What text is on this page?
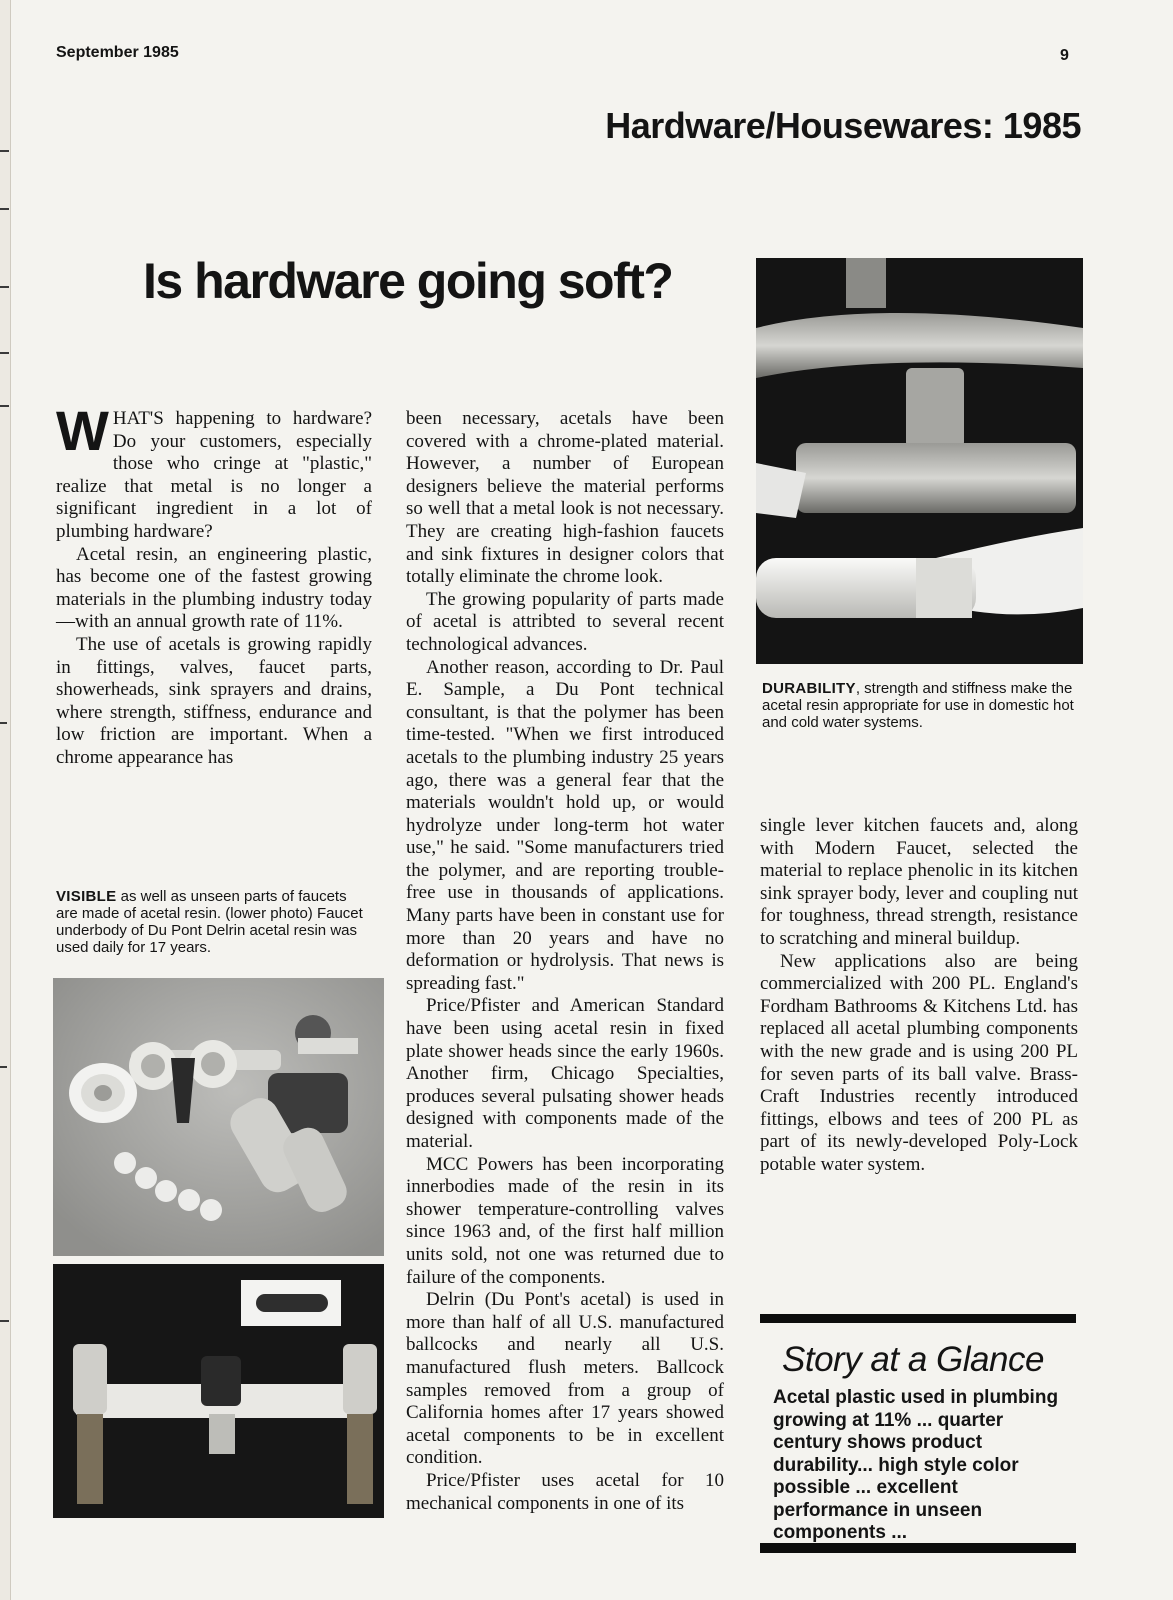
September 1985	9
Hardware/Housewares: 1985
Is hardware going soft?

WHAT'S happening to hardware? Do your customers, especially those who cringe at "plastic," realize that metal is no longer a significant ingredient in a lot of plumbing hardware?

Acetal resin, an engineering plastic, has become one of the fastest growing materials in the plumbing industry today—with an annual growth rate of 11%.

The use of acetals is growing rapidly in fittings, valves, faucet parts, showerheads, sink sprayers and drains, where strength, stiffness, endurance and low friction are important. When a chrome appearance has

VISIBLE as well as unseen parts of faucets are made of acetal resin. (lower photo) Faucet underbody of Du Pont Delrin acetal resin was used daily for 17 years.

been necessary, acetals have been covered with a chrome-plated material. However, a number of European designers believe the material performs so well that a metal look is not necessary. They are creating high-fashion faucets and sink fixtures in designer colors that totally eliminate the chrome look.

The growing popularity of parts made of acetal is attribted to several recent technological advances.

Another reason, according to Dr. Paul E. Sample, a Du Pont technical consultant, is that the polymer has been time-tested. "When we first introduced acetals to the plumbing industry 25 years ago, there was a general fear that the materials wouldn't hold up, or would hydrolyze under long-term hot water use," he said. "Some manufacturers tried the polymer, and are reporting trouble-free use in thousands of applications. Many parts have been in constant use for more than 20 years and have no deformation or hydrolysis. That news is spreading fast."

Price/Pfister and American Standard have been using acetal resin in fixed plate shower heads since the early 1960s. Another firm, Chicago Specialties, produces several pulsating shower heads designed with components made of the material.

MCC Powers has been incorporating innerbodies made of the resin in its shower temperature-controlling valves since 1963 and, of the first half million units sold, not one was returned due to failure of the components.

Delrin (Du Pont's acetal) is used in more than half of all U.S. manufactured ballcocks and nearly all U.S. manufactured flush meters. Ballcock samples removed from a group of California homes after 17 years showed acetal components to be in excellent condition.

Price/Pfister uses acetal for 10 mechanical components in one of its

DURABILITY, strength and stiffness make the acetal resin appropriate for use in domestic hot and cold water systems.

single lever kitchen faucets and, along with Modern Faucet, selected the material to replace phenolic in its kitchen sink sprayer body, lever and coupling nut for toughness, thread strength, resistance to scratching and mineral buildup.

New applications also are being commercialized with 200 PL. England's Fordham Bathrooms & Kitchens Ltd. has replaced all acetal plumbing components with the new grade and is using 200 PL for seven parts of its ball valve. Brass-Craft Industries recently introduced fittings, elbows and tees of 200 PL as part of its newly-developed Poly-Lock potable water system.

Story at a Glance
Acetal plastic used in plumbing growing at 11% ... quarter century shows product durability... high style color possible ... excellent performance in unseen components ...
